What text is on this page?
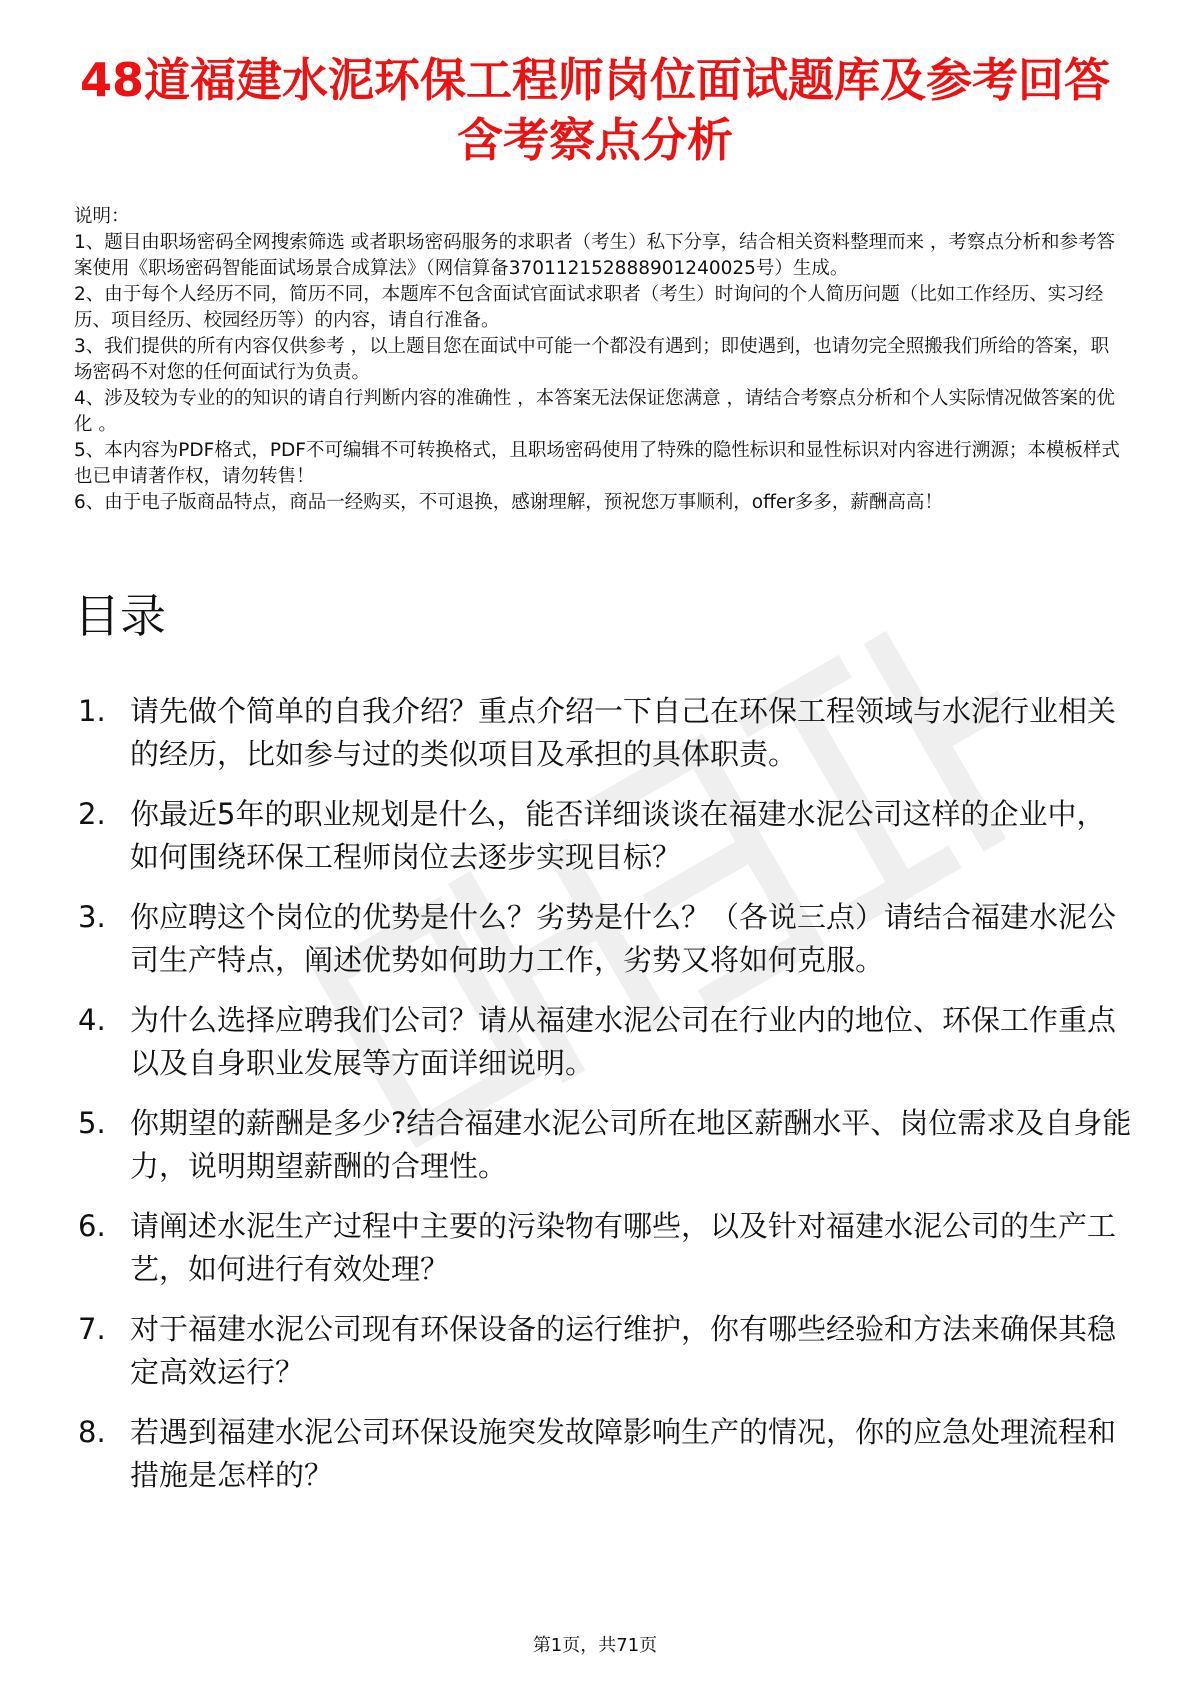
48道福建水泥环保工程师岗位面试题库及参考回答含考察点分析

说明：

1、题目由职场密码全网搜索筛选 或者职场密码服务的求职者（考生）私下分享，结合相关资料整理而来 ，考察点分析和参考答案使用《职场密码智能面试场景合成算法》（网信算备370112152888901240025号）生成。

2、由于每个人经历不同，简历不同，本题库不包含面试官面试求职者（考生）时询问的个人简历问题（比如工作经历、实习经历、项目经历、校园经历等）的内容，请自行准备。

3、我们提供的所有内容仅供参考 ，以上题目您在面试中可能一个都没有遇到；即使遇到，也请勿完全照搬我们所给的答案，职场密码不对您的任何面试行为负责。

4、涉及较为专业的的知识的请自行判断内容的准确性 ，本答案无法保证您满意 ，请结合考察点分析和个人实际情况做答案的优化 。

5、本内容为PDF格式，PDF不可编辑不可转换格式，且职场密码使用了特殊的隐性标识和显性标识对内容进行溯源；本模板样式也已申请著作权，请勿转售！

6、由于电子版商品特点，商品一经购买，不可退换，感谢理解，预祝您万事顺利，offer多多，薪酬高高！

目录
1. 请先做个简单的自我介绍？重点介绍一下自己在环保工程领域与水泥行业相关的经历，比如参与过的类似项目及承担的具体职责。
2. 你最近5年的职业规划是什么，能否详细谈谈在福建水泥公司这样的企业中，如何围绕环保工程师岗位去逐步实现目标？
3. 你应聘这个岗位的优势是什么？劣势是什么？（各说三点）请结合福建水泥公司生产特点，阐述优势如何助力工作，劣势又将如何克服。
4. 为什么选择应聘我们公司？请从福建水泥公司在行业内的地位、环保工作重点以及自身职业发展等方面详细说明。
5. 你期望的薪酬是多少?结合福建水泥公司所在地区薪酬水平、岗位需求及自身能力，说明期望薪酬的合理性。
6. 请阐述水泥生产过程中主要的污染物有哪些，以及针对福建水泥公司的生产工艺，如何进行有效处理？
7. 对于福建水泥公司现有环保设备的运行维护，你有哪些经验和方法来确保其稳定高效运行？
8. 若遇到福建水泥公司环保设施突发故障影响生产的情况，你的应急处理流程和措施是怎样的？
第1页，共71页
